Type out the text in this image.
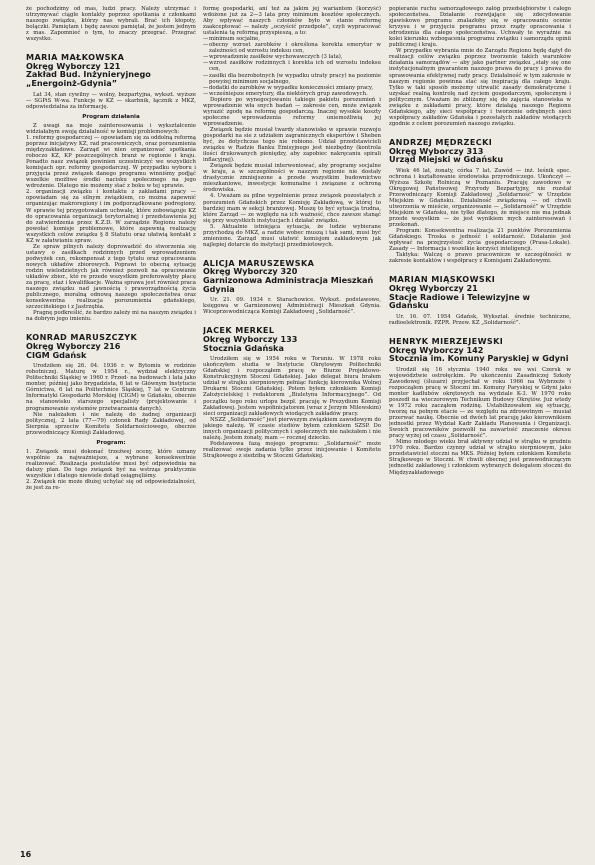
że pochodzimy od mas, ludzi pracy. Należy utrzymać i utrzymywać ciągle kontakty poprzez spotkania z członkami naszego związku, którzy nas wybrali. Brać ich kłopoty, bolączki. Pamiętam i będę zawsze pamiętał, że jestem jednym z mas. Zapomnieć o tym, to znaczy przegrać. Przegrać wszystko.

MARIA MAŁKOWSKA

Okręg Wyborczy 121

Zakład Bud. Inżynieryjnego „Energoinż-Gdynia”

Lat 34, stan cywilny — wolny, bezpartyjna, wykszt. wyższe — SGPiS W-wa. Funkcje w KZ — skarbnik, łącznik z MKZ, odpowiedzialna za informację.

Program działania

Z uwagi na moje zainteresowania i wykształcenie widziałabym swoją działalność w komisji problemowych:

1. reformy gospodarczej — opowiadam się za oddolną reformą poprzez inicjatywy KZ, rad pracowniczych, oraz porozumienia międzyzakładowe. Zarząd wi nien organizować spotkania roboczo KZ, KP poszczególnych branż w regionie i kraju. Ponadto nasz związek powinien uczestniczyć we wszystkich komisjach opr. reformy gospodarczej. W przypadku wyboru i przyjęcia przez związek danego programu winniśmy podjąć wszelkie możliwe środki nacisku społecznego na jego wdrożenie. Dlatego nie możemy stać z boku w tej sprawie.

2. organizacji związku i kontaktu z zakładami pracy — opowiadam się za silnym związkiem, co można zapewnić organizując makroregiony i im podporządkowane podregiony. W sprawie tej przygotowałam uchwałę, które zobowiązuje KZ do opracowania organizacji terytorialnej i przedstawienia jej do zatwierdzenia przez K.Z.D. W zarządzie Regionu należy powołać komisje problemowe, które zapewnią realizację wszystkich celów związku § 8 Statutu oraz ułatwią kontakt z KZ w załatwianiu spraw.

Ze spraw pilnych należy doprowadzić do stworzenia się ustawy o zasiłkach rodzinnych przed wprowadzeniem podwyżek cen, rekompensat z tego tytułu oraz opracowania nowych układów zbiorowych. Poprawi to obecną sytuację rodzin wielodzietnych jak również pozwoli na opracowanie układów zbior., któ re przede wszystkim preferowałyby płacę za pracę, staż i kwalifikacje. Ważna sprawa jest również praca naszego związku nad jawnością i praworządnością życia publicznego, moralną odnową naszego społeczeństwa oraz konsekwentna realizacja porozumienia gdańskiego, szczecińskiego i z Jastrzębia.

Pragnę podkreślić, że bardzo zależy mi na naszym związku i na dobrym jego imieniu.

KONRAD MARUSZCZYK

Okręg Wyborczy 216

CIGM Gdańsk

Urodziłem się 26. 04. 1936 r. w Bytomiu w rodzinie robotniczej. Maturę w 1954 r., wydział elektryczny Politechniki Śląskiej w 1960 r. Przed- na budowach i lata jako monter, później jako brygadzista, 6 lat w Głównym Instytucie Górnictwa, 6 lat na Politechnice Śląskiej, 7 lat w Centrum Informatyki Gospodarki Morskiej (CIGM) w Gdańsku, obecnie na stanowisku starszego specjalisty (projektowanie i programowanie systemów przetwarzania danych).

Nie należałem i nie należę do żadnej organizacji politycznej, 2 lata (77—79) członek Rady Zakładowej, od Sierpnia sprzeciw Komitetu Solidarnościowego, obecnie przewodniczący Komisji Zakładowej.

Program:

1. Związek musi dokonać trzeźwej oceny, które uznany wspólnie za najważniejsze, a wybrane konsekwentnie realizować. Realizacja postulatów musi być odpowiednia na dalszy plan. Do tego związek być na wstrząs praktycznie wszystkie i dlatego niewiele dotąd osiągnęliśmy.

2. Związek nie może dłużej uchylać się od odpowiedzialności, że jest za re-

formę gospodarki, ani też za jakim jej wariantem (korzyść) wdożone już za 2—3 lata przy minimum kosztów społecznych. Aby wpływać naszych członków było w stanie reformę zaakceptować — należy „oczyścić przedpole”, czyli wypracować ustalenia tą reformą przyspieszą, a to:

— minimum socjalne,

— obecny wzrost zarobków i określona korekta emerytur w zależności od wzrostu indeksu cen,

— wprowadzenie zasiłków wychowawczych (3 lata),

— wzrost zasiłków rodzinnych i korekta ich od wzrostu indeksu cen,

— zasiłki dla bezrobotnych (w wypadku utraty pracy) na poziomie powyżej minimum socjalnego,

— dodatki do zarobków w wypadku konieczności zmiany pracy,

— wcześniejsze emerytury, dla niektórych grup zawodowych.

Dopiero po wynegocjowaniu takiego pakietu porozumień i wprowadzenie wła snych badań — zakresie cen, może związek wyrazić zgodę na reformę gospodarczą. Inaczej wysokie koszty społeczne wprowadzenia reformy uniemożliwią jej wprowadzenie.

Związek będzie musiał twardy stanowisko w sprawie rozwoju gospodarki na sie z udziałem zagranicznych ekspertów i Sheben być, że dotychczas tego nie robiono. Udział przedstawicieli związku w Radzie Banku Emisyjnego jest niezbędny (kontrola ilości drukowanych pieniędzy, aby zapobiec nakręcaniu spirali inflacyjnej).

Związek będzie musiał interweniować, aby programy socjalne w kraju, a w szczególności w naszym regionie nie dostały drastycznie zmniejszone a przede wszystkim budownictwo mieszkaniowe, inwestycje komunalne i związane z ochroną środowiska.

4. Uważam za pilne wypełnienie przez związek pozostałych z porozumień Gdańskich przez Komisję Zakładową, w której to bardziej mam w sekcji branżowej. Muszę to być sytuacja trudna, które Zarząd — ze względu na ich ważność, chce zawsze stanąć się przy wszystkich instytucjach i działać związku.

5. Aktualnie istniejąca sytuacja, że ludzie wybierane przychodzą do MKZ, a radzie wobec muszą i tak sami, musi być zmienione. Zarząd musi ułatwić komisjom zakładowym jak najlepiej dotarcie do instytucji przedmiotowych.

ALICJA MARUSZEWSKA

Okręg Wyborczy 320

Garnizonowa Administracja Mieszkań Gdynia

Ur. 21. 09. 1934 r. Starachowice. Wykszt. podstawowe, księgowa w Garnizonowej Administracji Mieszkań Gdynia. Wiceprzewodnicząca Komisji Zakładowej „Solidarność”.

JACEK MERKEL

Okręg Wyborczy 133

Stocznia Gdańska

Urodziłem się w 1954 roku w Toruniu. W 1978 roku ukończyłem studia w Instytucie Okrętowym Politechniki Gdańskiej i rozpocząłem pracę w Biurze Projektowo-Konstrukcyjnym Stoczni Gdańskiej. Jako delegat biura brałem udział w strajku sierpniowym pełniąc funkcję kierownika Wolnej Drukarni Stoczni Gdańskiej. Potem byłem członkiem Komisji Założycielskiej i redaktorem „Biuletynu Informacyjnego”. Od początku tego roku urlopu bezpł. pracuję w Prezydium Komisji Zakładowej. Jestem współinicjatorem (wraz z Jerzym Milewskim) sieci organizacji zakładowych wiodących zakładów pracy.

NSZZ „Solidarność” jest pierwszym związkiem zawodowym do jakiego należę. W czasie studiów byłem członkiem SZSP. Do innych organizacji politycznych i społecznych nie należałem i nie należę. Jestem żonaty, mam — rocznej dziecko.

Podstawowa fazą mojego programu: „Solidarność” może realizować swoje zadania tylko przez inicjowanie i Komitetu Strajkowego z siedzibą w Stoczni Gdańskiej.

popieranie ruchu samorządowego załóg przedsiębiorstw i całego społeczeństwa. Działanie rozwijające się zdecydowanie zjawiskowo programu znalazłoby się w opracowaniu ocenie kryzysu i w przyjęciu programu przez rządy opracowania i odrodzenia dla całego społeczeństwa. Uchwały te wyraźnie na kolei kierunku wzbogacenia programu związku i samorządu opinii publicznej i kraju.

W przypadku wybrania mnie do Zarządu Regionu będę dążył do realizacji celów związku poprzez tworzenie takich warunków działania samorządów — aby jako partner związku „stały się one instytucjonalnym gwarantem naszego prawa do pracy i prawa do sprawowania efektywnej rady pracy. Działalność w tym zakresie w naszym regionie powinna stać się inspiracją dla całego kraju. Tylko w taki sposób możemy utrwalić zasady demokratyczne i uzyskać realną kontrolę nad życiem gospodarczym, społecznym i politycznym. Uważam że zbliżamy się do zajęcia stanowiska w związku z zakładami pracy, które działają naszego Regionu Gdańskiego, aby sieci współpracy i tworzenie odrębnych sieci współpracy zakładów Gdańska i pozostałych zakładów wiodących zgodnie z celem porozumień naszego związku.

ANDRZEJ MĘDRZECKI

Okręg Wyborczy 313

Urząd Miejski w Gdańsku

Wiek 46 lat, żonaty, córka 7 lat. Zawód — inż. leśnik spec. ochrona i kształtowanie środowiska przyrodniczego. Ukończył — Wyższa Szkołę Rolniczą w Poznaniu. Pracuję zawodowo w Okręgowej Państwowej Przyrody Bezpartyjny, nie rozstał Przewodniczący Komisji Zakładowej „Solidarność” w Urzędzie Miejskim w Gdańsku. Działalność związkową — od chwili utworzenia w mieście, organizowanie — „Solidarność” w Urzędzie Miejskim w Gdańsku, nie tylko dlatego, że miejsce nie ma jednak przede wszystkim — że jest wynikiem mych zainteresowań i przekonań.

Program: Konsekwentna realizacja 21 punktów Porozumienia Gdańskiego. Troska o jedność i solidarność. Działanie jest wpływać na przejrzystość życia gospodarczego (Prasa-Lokale). Zasady — Informacja i wszelkie korzyści inteligencji.

Taktyka: Walczę o prawo pracownicze w szczególności w zakresie kontaktów i współpracy z Komisjami Zakładowymi.

MARIAN MIĄSKOWSKI

Okręg Wyborczy 21

Stacje Radiowe i Telewizyjne w Gdańsku

Ur. 16. 07. 1954 Gdańsk, Wykształ. średnie techniczne, radioelektronik. PZPR. Przew. KZ „Solidarność”.

HENRYK MIERZEJEWSKI

Okręg Wyborczy 142

Stocznia im. Komuny Paryskiej w Gdyni

Urodził się 16 stycznia 1940 roku we wsi Czersk w województwie ostrołęckim. Po ukończeniu Zasadniczej Szkoły Zawodowej (ślusarz) przyjechał w roku 1966 na Wybrzeże i rozpocząłem pracę w Stoczni im. Komuny Paryskiej w Gdyni jako monter kadłubów okrętowych na wydziale K-3. W 1970 roku poszedł na wieczorowym Technikum Budowy Okrętów. Już wtedy w 1972 roku zacząłem rodzinę. Ustabilizowałem się sytuację, tworzę na pełnym etacie — ze względu na zdrowotnym — musiał przerwać naukę. Obecnie od dwóch lat pracuję jako kierownikiem jednostki przez Wydział Kadr Zakładu Planowania i Organizacji. Swoich pracowników pozwolił na zawartość znaczenie okresu pracy wyżej od czasu „Solidarność”.

Mimo młodego wieku brał aktywny udział w strajku w grudniu 1970 roku. Bardzo czynny udział w strajku sierpniowym, jako przedstawiciel stoczni na MKS. Później byłem członkiem Komitetu Strajkowego w Stoczni. W chwili obecnej jest przewodniczącym jednostki zakładowej i członkiem wybranych delegatem stoczni do Międzyzakładowego

16
